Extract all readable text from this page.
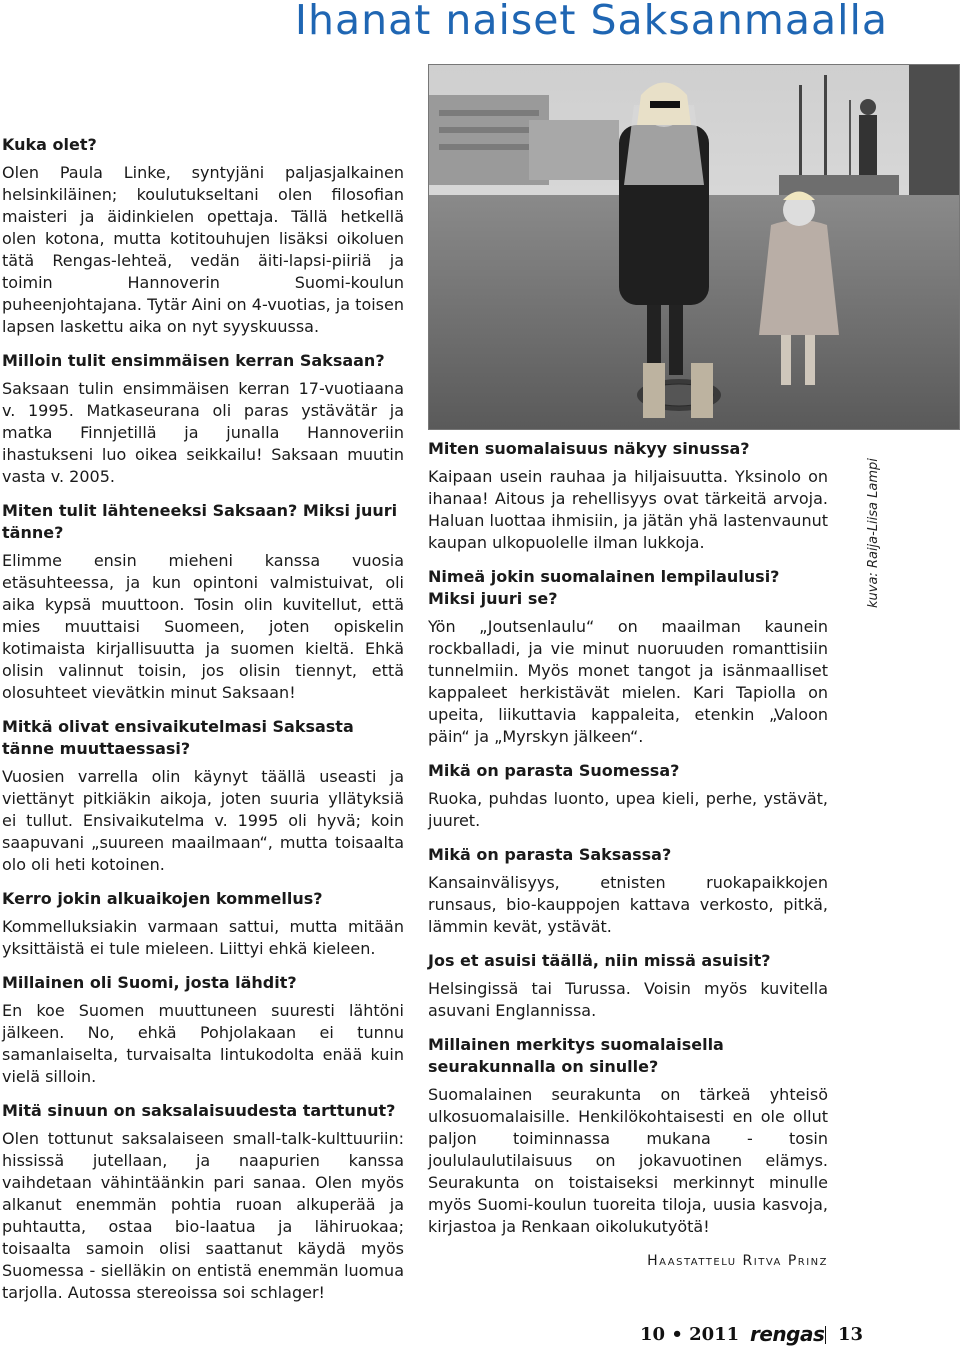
Ihanat naiset Saksanmaalla
kuva: Raija-Liisa Lampi

Kuka olet?

Olen Paula Linke, syntyjäni paljasjalkainen helsinkiläinen; koulutukseltani olen filosofian maisteri ja äidinkielen opettaja. Tällä hetkellä olen kotona, mutta kotitouhujen lisäksi oikoluen tätä Rengas-lehteä, vedän äiti-lapsi-piiriä ja toimin Hannoverin Suomi-koulun puheenjohtajana. Tytär Aini on 4-vuotias, ja toisen lapsen laskettu aika on nyt syyskuussa.

Milloin tulit ensimmäisen kerran Saksaan?

Saksaan tulin ensimmäisen kerran 17-vuotiaana v. 1995. Matkaseurana oli paras ystävätär ja matka Finnjetillä ja junalla Hannoveriin ihastukseni luo oikea seikkailu! Saksaan muutin vasta v. 2005.

Miten tulit lähteneeksi Saksaan? Miksi juuri tänne?

Elimme ensin mieheni kanssa vuosia etäsuhteessa, ja kun opintoni valmistuivat, oli aika kypsä muuttoon. Tosin olin kuvitellut, että mies muuttaisi Suomeen, joten opiskelin kotimaista kirjallisuutta ja suomen kieltä. Ehkä olisin valinnut toisin, jos olisin tiennyt, että olosuhteet vievätkin minut Saksaan!

Mitkä olivat ensivaikutelmasi Saksasta tänne muuttaessasi?

Vuosien varrella olin käynyt täällä useasti ja viettänyt pitkiäkin aikoja, joten suuria yllätyksiä ei tullut. Ensivaikutelma v. 1995 oli hyvä; koin saapuvani „suureen maailmaan“, mutta toisaalta olo oli heti kotoinen.

Kerro jokin alkuaikojen kommellus?

Kommelluksiakin varmaan sattui, mutta mitään yksittäistä ei tule mieleen. Liittyi ehkä kieleen.

Millainen oli Suomi, josta lähdit?

En koe Suomen muuttuneen suuresti lähtöni jälkeen. No, ehkä Pohjolakaan ei tunnu samanlaiselta, turvaisalta lintukodolta enää kuin vielä silloin.

Mitä sinuun on saksalaisuudesta tarttunut?

Olen tottunut saksalaiseen small-talk-kulttuuriin: hississä jutellaan, ja naapurien kanssa vaihdetaan vähintäänkin pari sanaa. Olen myös alkanut enemmän pohtia ruoan alkuperää ja puhtautta, ostaa bio-laatua ja lähiruokaa; toisaalta samoin olisi saattanut käydä myös Suomessa - sielläkin on entistä enemmän luomua tarjolla. Autossa stereoissa soi schlager!

Miten suomalaisuus näkyy sinussa?

Kaipaan usein rauhaa ja hiljaisuutta. Yksinolo on ihanaa! Aitous ja rehellisyys ovat tärkeitä arvoja. Haluan luottaa ihmisiin, ja jätän yhä lastenvaunut kaupan ulkopuolelle ilman lukkoja.

Nimeä jokin suomalainen lempilaulusi? Miksi juuri se?

Yön „Joutsenlaulu“ on maailman kaunein rockballadi, ja vie minut nuoruuden romanttisiin tunnelmiin. Myös monet tangot ja isänmaalliset kappaleet herkistävät mielen. Kari Tapiolla on upeita, liikuttavia kappaleita, etenkin „Valoon päin“ ja „Myrskyn jälkeen“.

Mikä on parasta Suomessa?

Ruoka, puhdas luonto, upea kieli, perhe, ystävät, juuret.

Mikä on parasta Saksassa?

Kansainvälisyys, etnisten ruokapaikkojen runsaus, bio-kauppojen kattava verkosto, pitkä, lämmin kevät, ystävät.

Jos et asuisi täällä, niin missä asuisit?

Helsingissä tai Turussa. Voisin myös kuvitella asuvani Englannissa.

Millainen merkitys suomalaisella seurakunnalla on sinulle?

Suomalainen seurakunta on tärkeä yhteisö ulkosuomalaisille. Henkilökohtaisesti en ole ollut paljon toiminnassa mukana - tosin joululaulutilaisuus on jokavuotinen elämys. Seurakunta on toistaiseksi merkinnyt minulle myös Suomi-koulun tuoreita tiloja, uusia kasvoja, kirjastoa ja Renkaan oikolukutyötä!

Haastattelu Ritva Prinz
10 • 2011 rengas 13
